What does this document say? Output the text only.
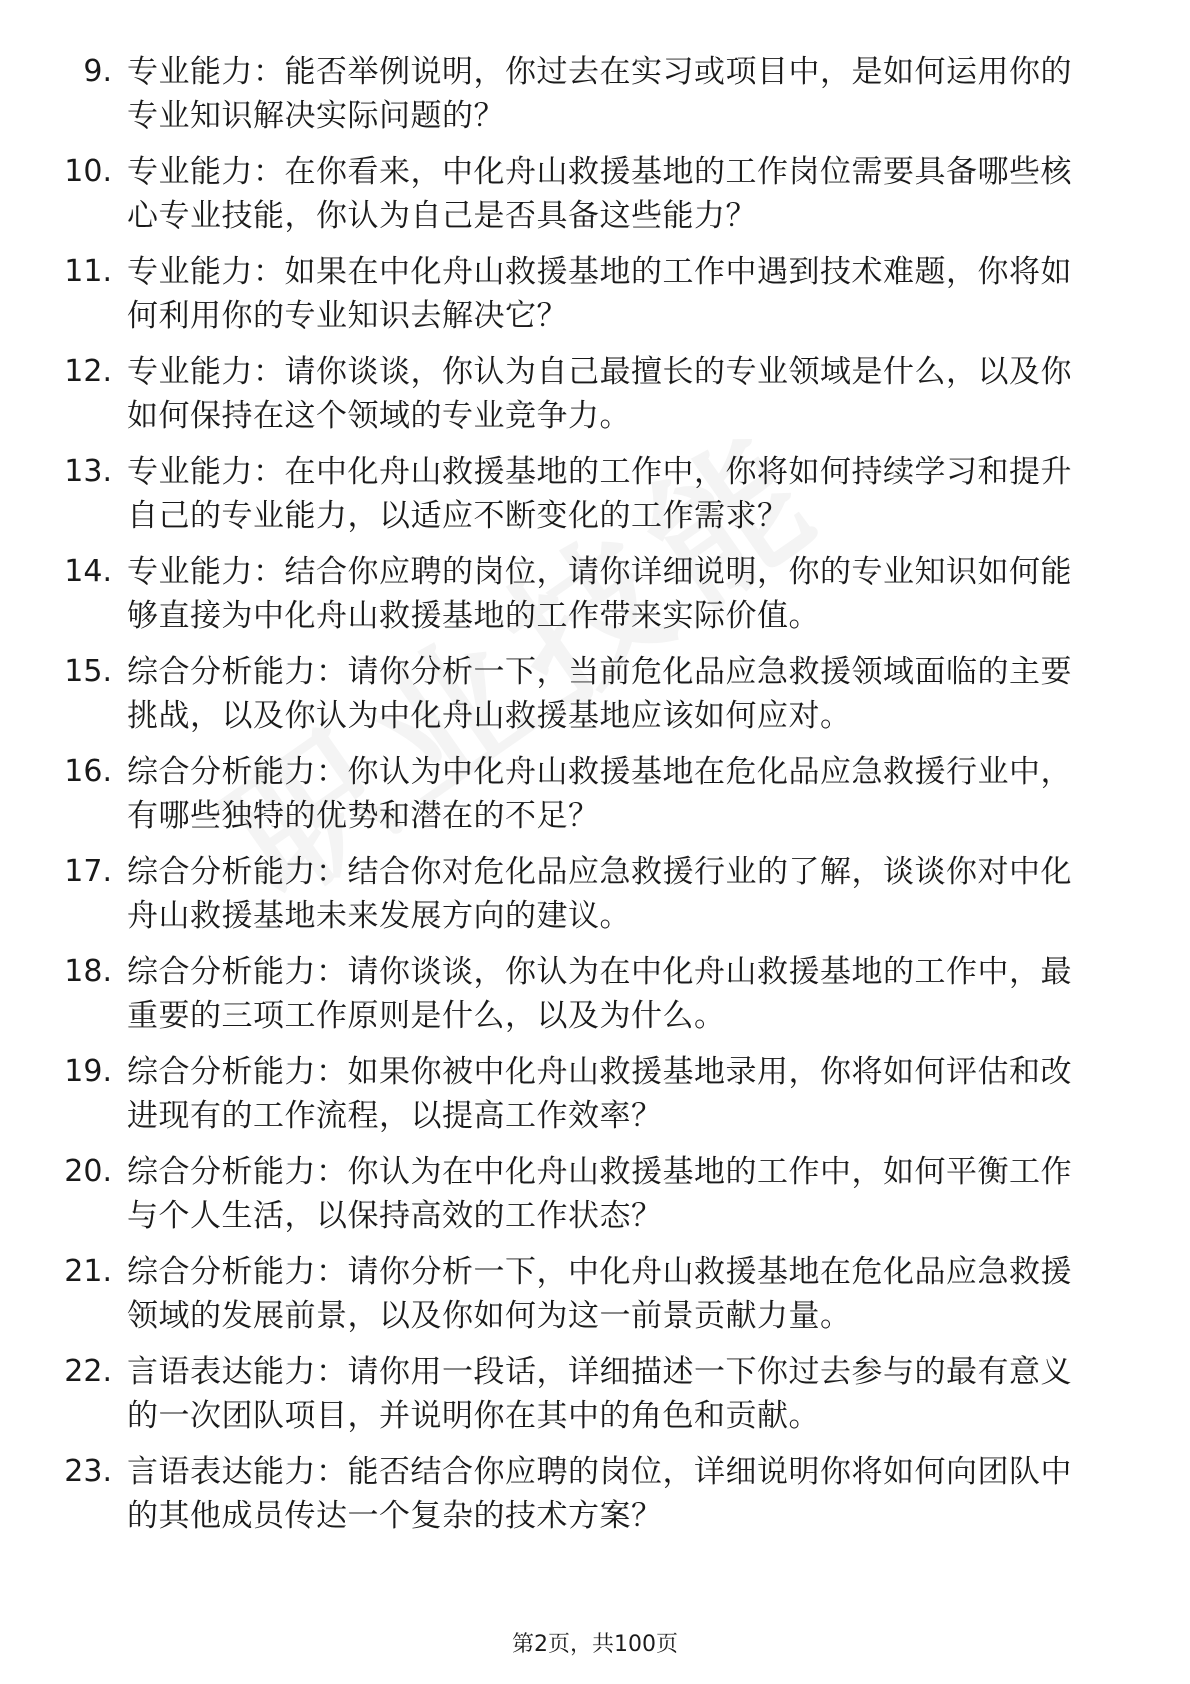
9. 专业能力：能否举例说明，你过去在实习或项目中，是如何运用你的专业知识解决实际问题的？
10. 专业能力：在你看来，中化舟山救援基地的工作岗位需要具备哪些核心专业技能，你认为自己是否具备这些能力？
11. 专业能力：如果在中化舟山救援基地的工作中遇到技术难题，你将如何利用你的专业知识去解决它？
12. 专业能力：请你谈谈，你认为自己最擅长的专业领域是什么，以及你如何保持在这个领域的专业竞争力。
13. 专业能力：在中化舟山救援基地的工作中，你将如何持续学习和提升自己的专业能力，以适应不断变化的工作需求？
14. 专业能力：结合你应聘的岗位，请你详细说明，你的专业知识如何能够直接为中化舟山救援基地的工作带来实际价值。
15. 综合分析能力：请你分析一下，当前危化品应急救援领域面临的主要挑战，以及你认为中化舟山救援基地应该如何应对。
16. 综合分析能力：你认为中化舟山救援基地在危化品应急救援行业中，有哪些独特的优势和潜在的不足？
17. 综合分析能力：结合你对危化品应急救援行业的了解，谈谈你对中化舟山救援基地未来发展方向的建议。
18. 综合分析能力：请你谈谈，你认为在中化舟山救援基地的工作中，最重要的三项工作原则是什么，以及为什么。
19. 综合分析能力：如果你被中化舟山救援基地录用，你将如何评估和改进现有的工作流程，以提高工作效率？
20. 综合分析能力：你认为在中化舟山救援基地的工作中，如何平衡工作与个人生活，以保持高效的工作状态？
21. 综合分析能力：请你分析一下，中化舟山救援基地在危化品应急救援领域的发展前景，以及你如何为这一前景贡献力量。
22. 言语表达能力：请你用一段话，详细描述一下你过去参与的最有意义的一次团队项目，并说明你在其中的角色和贡献。
23. 言语表达能力：能否结合你应聘的岗位，详细说明你将如何向团队中的其他成员传达一个复杂的技术方案？
第2页，共100页
